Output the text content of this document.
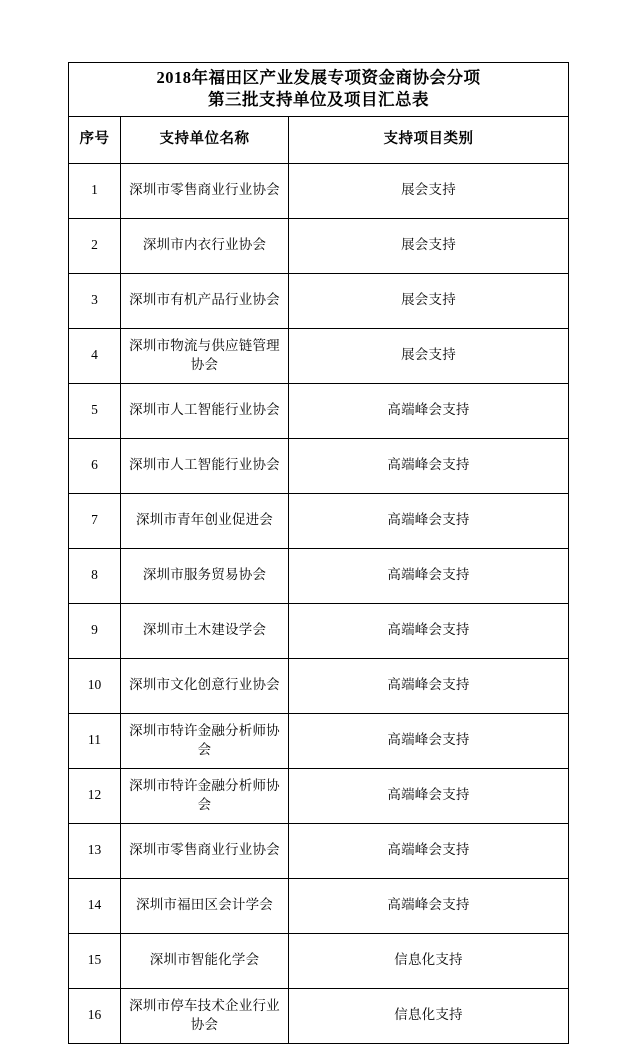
2018年福田区产业发展专项资金商协会分项
第三批支持单位及项目汇总表		

序号	支持单位名称	支持项目类别
1	深圳市零售商业行业协会	展会支持
2	深圳市内衣行业协会	展会支持
3	深圳市有机产品行业协会	展会支持
4	深圳市物流与供应链管理协会	展会支持
5	深圳市人工智能行业协会	高端峰会支持
6	深圳市人工智能行业协会	高端峰会支持
7	深圳市青年创业促进会	高端峰会支持
8	深圳市服务贸易协会	高端峰会支持
9	深圳市土木建设学会	高端峰会支持
10	深圳市文化创意行业协会	高端峰会支持
11	深圳市特许金融分析师协会	高端峰会支持
12	深圳市特许金融分析师协会	高端峰会支持
13	深圳市零售商业行业协会	高端峰会支持
14	深圳市福田区会计学会	高端峰会支持
15	深圳市智能化学会	信息化支持
16	深圳市停车技术企业行业协会	信息化支持
